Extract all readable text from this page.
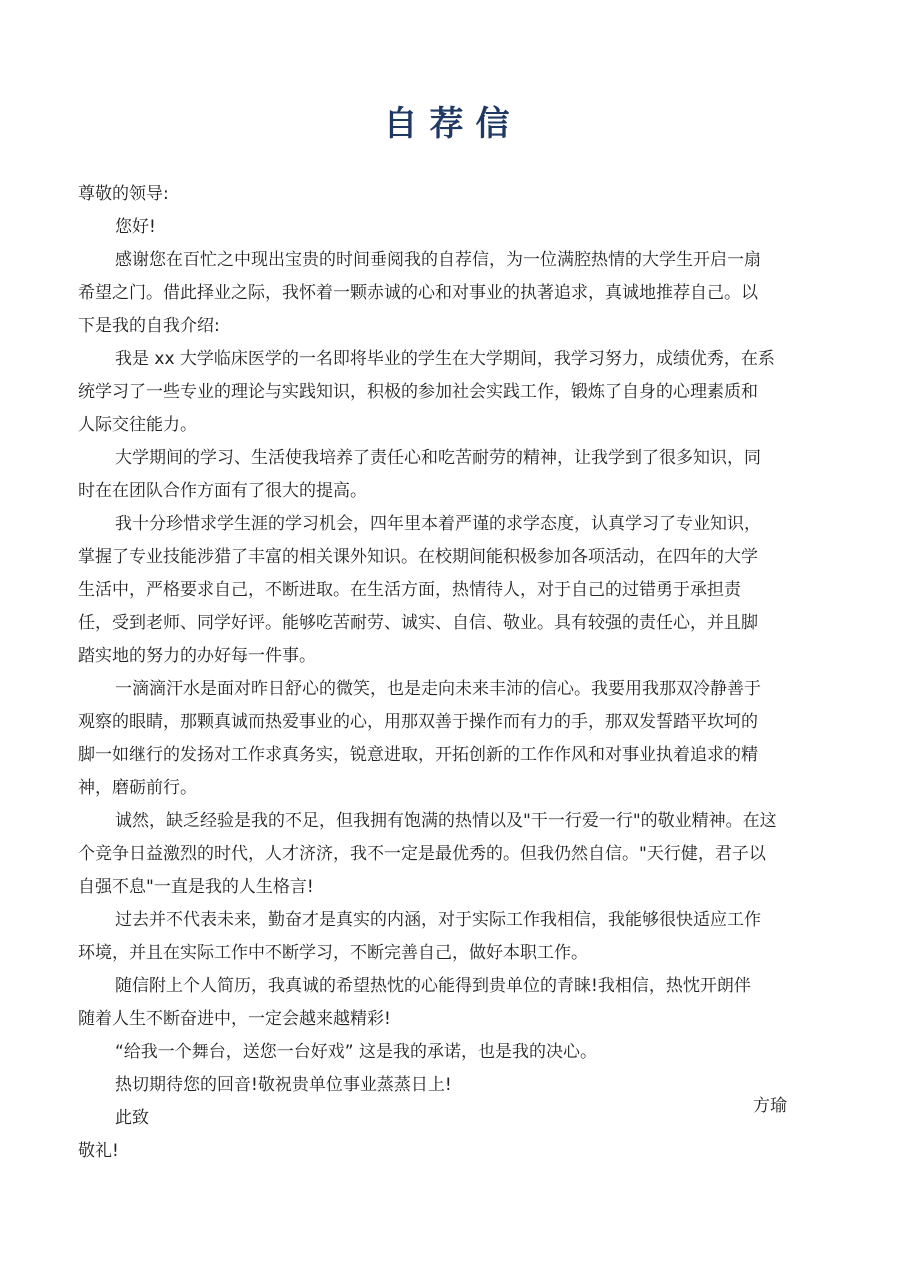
自荐信
尊敬的领导:
您好!
感谢您在百忙之中现出宝贵的时间垂阅我的自荐信，为一位满腔热情的大学生开启一扇
希望之门。借此择业之际，我怀着一颗赤诚的心和对事业的执著追求，真诚地推荐自己。以
下是我的自我介绍:
我是 xx 大学临床医学的一名即将毕业的学生在大学期间，我学习努力，成绩优秀，在系
统学习了一些专业的理论与实践知识，积极的参加社会实践工作，锻炼了自身的心理素质和
人际交往能力。
大学期间的学习、生活使我培养了责任心和吃苦耐劳的精神，让我学到了很多知识，同
时在在团队合作方面有了很大的提高。
我十分珍惜求学生涯的学习机会，四年里本着严谨的求学态度，认真学习了专业知识，
掌握了专业技能涉猎了丰富的相关课外知识。在校期间能积极参加各项活动，在四年的大学
生活中，严格要求自己，不断进取。在生活方面，热情待人，对于自己的过错勇于承担责
任，受到老师、同学好评。能够吃苦耐劳、诚实、自信、敬业。具有较强的责任心，并且脚
踏实地的努力的办好每一件事。
一滴滴汗水是面对昨日舒心的微笑，也是走向未来丰沛的信心。我要用我那双冷静善于
观察的眼睛，那颗真诚而热爱事业的心，用那双善于操作而有力的手，那双发誓踏平坎坷的
脚一如继行的发扬对工作求真务实，锐意进取，开拓创新的工作作风和对事业执着追求的精
神，磨砺前行。
诚然，缺乏经验是我的不足，但我拥有饱满的热情以及"干一行爱一行"的敬业精神。在这
个竞争日益激烈的时代，人才济济，我不一定是最优秀的。但我仍然自信。"天行健，君子以
自强不息"一直是我的人生格言!
过去并不代表未来，勤奋才是真实的内涵，对于实际工作我相信，我能够很快适应工作
环境，并且在实际工作中不断学习，不断完善自己，做好本职工作。
随信附上个人简历，我真诚的希望热忱的心能得到贵单位的青睐!我相信，热忱开朗伴
随着人生不断奋进中，一定会越来越精彩!
“给我一个舞台，送您一台好戏” 这是我的承诺，也是我的决心。
热切期待您的回音!敬祝贵单位事业蒸蒸日上!
此致
敬礼!
方瑜
